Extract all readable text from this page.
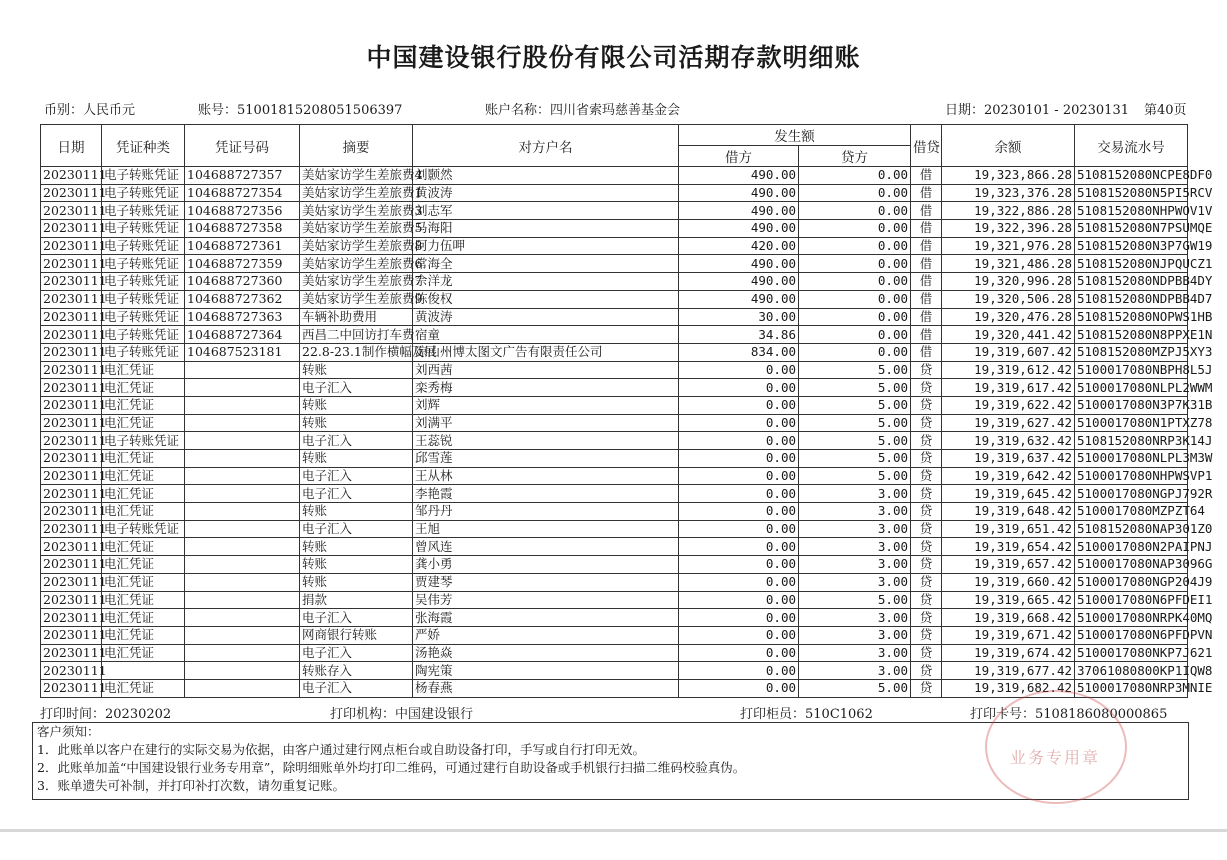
中国建设银行股份有限公司活期存款明细账
币别：人民币元	账号：51001815208051506397	账户名称：四川省索玛慈善基金会	日期：20230101 - 20230131 第40页
日期	凭证种类	凭证号码	摘要	对方户名	发生额		借贷	余额	交易流水号
					借方	贷方			
20230111	电子转账凭证	104688727357	美姑家访学生差旅费4	刘颢然	490.00	0.00	借	19,323,866.28	5108152080NCPE8DF0
20230111	电子转账凭证	104688727354	美姑家访学生差旅费1	黄波涛	490.00	0.00	借	19,323,376.28	5108152080N5PI5RCV
20230111	电子转账凭证	104688727356	美姑家访学生差旅费3	刘志军	490.00	0.00	借	19,322,886.28	5108152080NHPWOV1V
20230111	电子转账凭证	104688727358	美姑家访学生差旅费5	马海阳	490.00	0.00	借	19,322,396.28	5108152080N7PSUMQE
20230111	电子转账凭证	104688727361	美姑家访学生差旅费8	阿力伍呷	420.00	0.00	借	19,321,976.28	5108152080N3P7GW19
20230111	电子转账凭证	104688727359	美姑家访学生差旅费6	常海全	490.00	0.00	借	19,321,486.28	5108152080NJPQUCZ1
20230111	电子转账凭证	104688727360	美姑家访学生差旅费7	佘洋龙	490.00	0.00	借	19,320,996.28	5108152080NDPBB4DY
20230111	电子转账凭证	104688727362	美姑家访学生差旅费9	陈俊权	490.00	0.00	借	19,320,506.28	5108152080NDPBB4D7
20230111	电子转账凭证	104688727363	车辆补助费用	黄波涛	30.00	0.00	借	19,320,476.28	5108152080NOPWS1HB
20230111	电子转账凭证	104688727364	西昌二中回访打车费	宿童	34.86	0.00	借	19,320,441.42	5108152080N8PPXE1N
20230111	电子转账凭证	104687523181	22.8-23.1制作横幅及展	凉山州博太图文广告有限责任公司	834.00	0.00	借	19,319,607.42	5108152080MZPJ5XY3
20230111	电汇凭证		转账	刘西茜	0.00	5.00	贷	19,319,612.42	5100017080NBPH8L5J
20230111	电汇凭证		电子汇入	栾秀梅	0.00	5.00	贷	19,319,617.42	5100017080NLPL2WWM
20230111	电汇凭证		转账	刘辉	0.00	5.00	贷	19,319,622.42	5100017080N3P7K31B
20230111	电汇凭证		转账	刘满平	0.00	5.00	贷	19,319,627.42	5100017080N1PTXZ78
20230111	电子转账凭证		电子汇入	王蕊锐	0.00	5.00	贷	19,319,632.42	5108152080NRP3K14J
20230111	电汇凭证		转账	邱雪莲	0.00	5.00	贷	19,319,637.42	5100017080NLPL3M3W
20230111	电汇凭证		电子汇入	王从林	0.00	5.00	贷	19,319,642.42	5100017080NHPWSVP1
20230111	电汇凭证		电子汇入	李艳霞	0.00	3.00	贷	19,319,645.42	5100017080NGPJ792R
20230111	电汇凭证		转账	邹丹丹	0.00	3.00	贷	19,319,648.42	5100017080MZPZT64
20230111	电子转账凭证		电子汇入	王旭	0.00	3.00	贷	19,319,651.42	5108152080NAP301Z0
20230111	电汇凭证		转账	曾风连	0.00	3.00	贷	19,319,654.42	5100017080N2PAIPNJ
20230111	电汇凭证		转账	龚小勇	0.00	3.00	贷	19,319,657.42	5100017080NAP3096G
20230111	电汇凭证		转账	贾建琴	0.00	3.00	贷	19,319,660.42	5100017080NGP204J9
20230111	电汇凭证		捐款	吴伟芳	0.00	5.00	贷	19,319,665.42	5100017080N6PFDEI1
20230111	电汇凭证		电子汇入	张海霞	0.00	3.00	贷	19,319,668.42	5100017080NRPK40MQ
20230111	电汇凭证		网商银行转账	严娇	0.00	3.00	贷	19,319,671.42	5100017080N6PFDPVN
20230111	电汇凭证		电子汇入	汤艳焱	0.00	3.00	贷	19,319,674.42	5100017080NKP7J621
20230111			转账存入	陶宪策	0.00	3.00	贷	19,319,677.42	37061080800KP1IQW8
20230111	电汇凭证		电子汇入	杨春燕	0.00	5.00	贷	19,319,682.42	5100017080NRP3MNIE
打印时间：20230202	打印机构：中国建设银行	打印柜员：510C1062	打印卡号：5108186080000865
客户须知：
1．此账单以客户在建行的实际交易为依据，由客户通过建行网点柜台或自助设备打印，手写或自行打印无效。
2．此账单加盖“中国建设银行业务专用章”，除明细账单外均打印二维码，可通过建行自助设备或手机银行扫描二维码校验真伪。
3．账单遗失可补制，并打印补打次数，请勿重复记账。
业务专用章
